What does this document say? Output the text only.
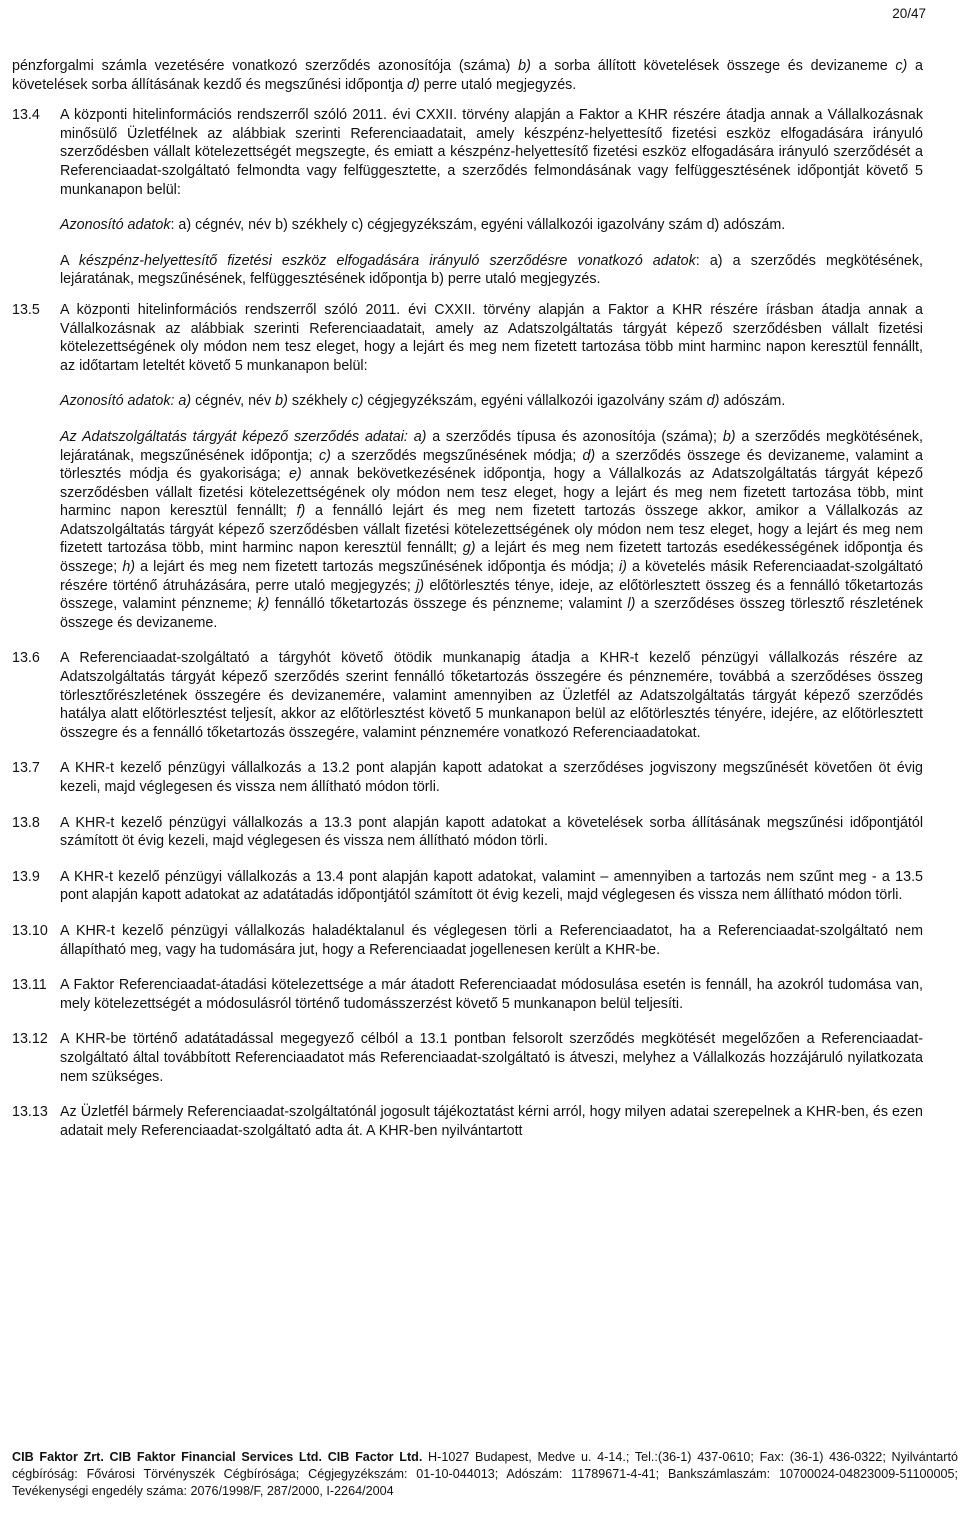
20/47

pénzforgalmi számla vezetésére vonatkozó szerződés azonosítója (száma) b) a sorba állított követelések összege és devizaneme c) a követelések sorba állításának kezdő és megszűnési időpontja d) perre utaló megjegyzés.

13.4	A központi hitelinformációs rendszerről szóló 2011. évi CXXII. törvény alapján a Faktor a KHR részére átadja annak a Vállalkozásnak minősülő Üzletfélnek az alábbiak szerinti Referenciaadatait, amely készpénz-helyettesítő fizetési eszköz elfogadására irányuló szerződésben vállalt kötelezettségét megszegte, és emiatt a készpénz-helyettesítő fizetési eszköz elfogadására irányuló szerződését a Referenciaadat-szolgáltató felmondta vagy felfüggesztette, a szerződés felmondásának vagy felfüggesztésének időpontját követő 5 munkanapon belül:

Azonosító adatok: a) cégnév, név b) székhely c) cégjegyzékszám, egyéni vállalkozói igazolvány szám d) adószám.

A készpénz-helyettesítő fizetési eszköz elfogadására irányuló szerződésre vonatkozó adatok: a) a szerződés megkötésének, lejáratának, megszűnésének, felfüggesztésének időpontja b) perre utaló megjegyzés.

13.5	A központi hitelinformációs rendszerről szóló 2011. évi CXXII. törvény alapján a Faktor a KHR részére írásban átadja annak a Vállalkozásnak az alábbiak szerinti Referenciaadatait, amely az Adatszolgáltatás tárgyát képező szerződésben vállalt fizetési kötelezettségének oly módon nem tesz eleget, hogy a lejárt és meg nem fizetett tartozása több mint harminc napon keresztül fennállt, az időtartam leteltét követő 5 munkanapon belül:

Azonosító adatok: a) cégnév, név b) székhely c) cégjegyzékszám, egyéni vállalkozói igazolvány szám d) adószám.

Az Adatszolgáltatás tárgyát képező szerződés adatai: a) a szerződés típusa és azonosítója (száma); b) a szerződés megkötésének, lejáratának, megszűnésének időpontja; c) a szerződés megszűnésének módja; d) a szerződés összege és devizaneme, valamint a törlesztés módja és gyakorisága; e) annak bekövetkezésének időpontja, hogy a Vállalkozás az Adatszolgáltatás tárgyát képező szerződésben vállalt fizetési kötelezettségének oly módon nem tesz eleget, hogy a lejárt és meg nem fizetett tartozása több, mint harminc napon keresztül fennállt; f) a fennálló lejárt és meg nem fizetett tartozás összege akkor, amikor a Vállalkozás az Adatszolgáltatás tárgyát képező szerződésben vállalt fizetési kötelezettségének oly módon nem tesz eleget, hogy a lejárt és meg nem fizetett tartozása több, mint harminc napon keresztül fennállt; g) a lejárt és meg nem fizetett tartozás esedékességének időpontja és összege; h) a lejárt és meg nem fizetett tartozás megszűnésének időpontja és módja; i) a követelés másik Referenciaadat-szolgáltató részére történő átruházására, perre utaló megjegyzés; j) előtörlesztés ténye, ideje, az előtörlesztett összeg és a fennálló tőketartozás összege, valamint pénzneme; k) fennálló tőketartozás összege és pénzneme; valamint l) a szerződéses összeg törlesztő részletének összege és devizaneme.

13.6	A Referenciaadat-szolgáltató a tárgyhót követő ötödik munkanapig átadja a KHR-t kezelő pénzügyi vállalkozás részére az Adatszolgáltatás tárgyát képező szerződés szerint fennálló tőketartozás összegére és pénznemére, továbbá a szerződéses összeg törlesztőrészletének összegére és devizanemére, valamint amennyiben az Üzletfél az Adatszolgáltatás tárgyát képező szerződés hatálya alatt előtörlesztést teljesít, akkor az előtörlesztést követő 5 munkanapon belül az előtörlesztés tényére, idejére, az előtörlesztett összegre és a fennálló tőketartozás összegére, valamint pénznemére vonatkozó Referenciaadatokat.

13.7	A KHR-t kezelő pénzügyi vállalkozás a 13.2 pont alapján kapott adatokat a szerződéses jogviszony megszűnését követően öt évig kezeli, majd véglegesen és vissza nem állítható módon törli.

13.8	A KHR-t kezelő pénzügyi vállalkozás a 13.3 pont alapján kapott adatokat a követelések sorba állításának megszűnési időpontjától számított öt évig kezeli, majd véglegesen és vissza nem állítható módon törli.

13.9	A KHR-t kezelő pénzügyi vállalkozás a 13.4 pont alapján kapott adatokat, valamint – amennyiben a tartozás nem szűnt meg - a 13.5 pont alapján kapott adatokat az adatátadás időpontjától számított öt évig kezeli, majd véglegesen és vissza nem állítható módon törli.

13.10 A KHR-t kezelő pénzügyi vállalkozás haladéktalanul és véglegesen törli a Referenciaadatot, ha a Referenciaadat-szolgáltató nem állapítható meg, vagy ha tudomására jut, hogy a Referenciaadat jogellenesen került a KHR-be.

13.11 A Faktor Referenciaadat-átadási kötelezettsége a már átadott Referenciaadat módosulása esetén is fennáll, ha azokról tudomása van, mely kötelezettségét a módosulásról történő tudomásszerzést követő 5 munkanapon belül teljesíti.

13.12 A KHR-be történő adatátadással megegyező célból a 13.1 pontban felsorolt szerződés megkötését megelőzően a Referenciaadat-szolgáltató által továbbított Referenciaadatot más Referenciaadat-szolgáltató is átveszi, melyhez a Vállalkozás hozzájáruló nyilatkozata nem szükséges.

13.13 Az Üzletfél bármely Referenciaadat-szolgáltatónál jogosult tájékoztatást kérni arról, hogy milyen adatai szerepelnek a KHR-ben, és ezen adatait mely Referenciaadat-szolgáltató adta át. A KHR-ben nyilvántartott

CIB Faktor Zrt. CIB Faktor Financial Services Ltd. CIB Factor Ltd. H-1027 Budapest, Medve u. 4-14.; Tel.:(36-1) 437-0610; Fax: (36-1) 436-0322; Nyilvántartó cégbíróság: Fővárosi Törvényszék Cégbírósága; Cégjegyzékszám: 01-10-044013; Adószám: 11789671-4-41; Bankszámlaszám: 10700024-04823009-51100005; Tevékenységi engedély száma: 2076/1998/F, 287/2000, I-2264/2004
